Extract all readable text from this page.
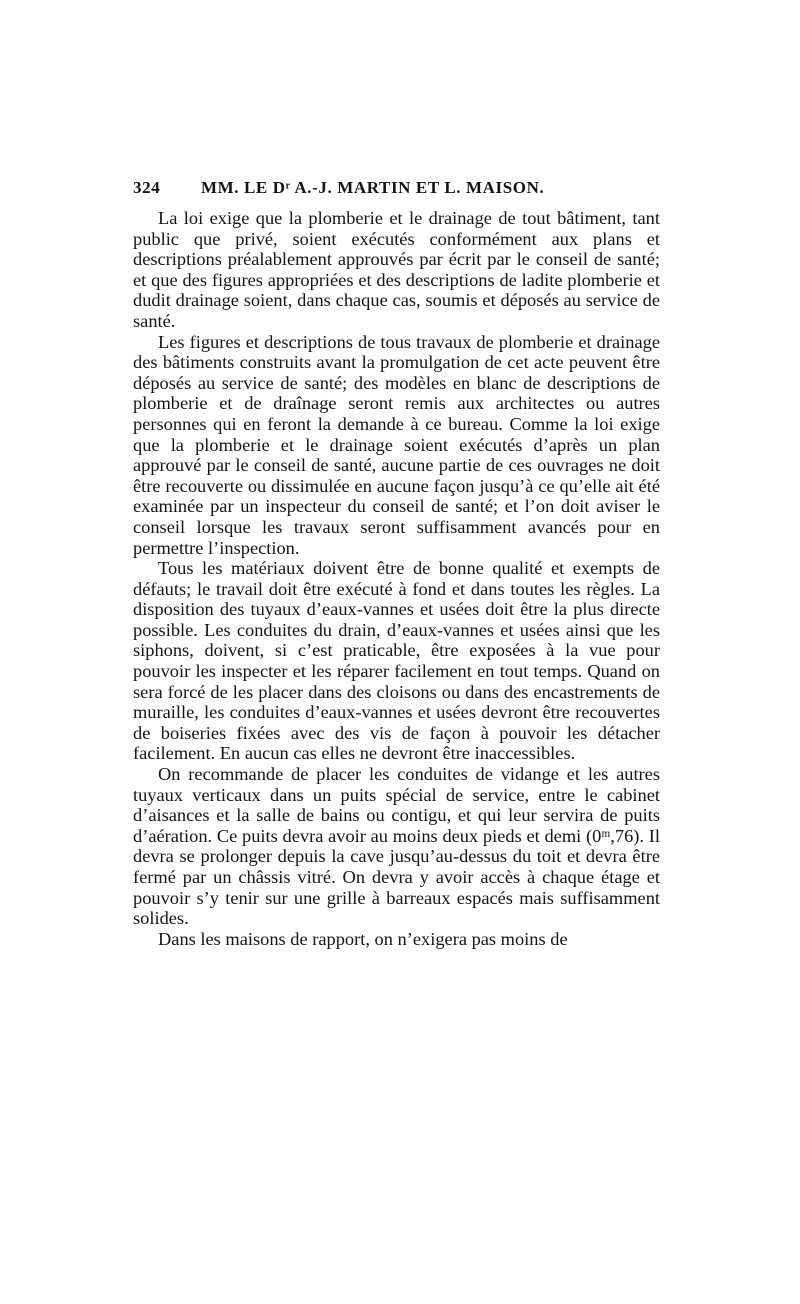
324 MM. LE Dʳ A.-J. MARTIN ET L. MAISON.

La loi exige que la plomberie et le drainage de tout bâtiment, tant public que privé, soient exécutés conformément aux plans et descriptions préalablement approuvés par écrit par le conseil de santé; et que des figures appropriées et des descriptions de ladite plomberie et dudit drainage soient, dans chaque cas, soumis et déposés au service de santé.

Les figures et descriptions de tous travaux de plomberie et drainage des bâtiments construits avant la promulgation de cet acte peuvent être déposés au service de santé; des modèles en blanc de descriptions de plomberie et de draînage seront remis aux architectes ou autres personnes qui en feront la demande à ce bureau. Comme la loi exige que la plomberie et le drainage soient exécutés d’après un plan approuvé par le conseil de santé, aucune partie de ces ouvrages ne doit être recouverte ou dissimulée en aucune façon jusqu’à ce qu’elle ait été examinée par un inspecteur du conseil de santé; et l’on doit aviser le conseil lorsque les travaux seront suffisamment avancés pour en permettre l’inspection.

Tous les matériaux doivent être de bonne qualité et exempts de défauts; le travail doit être exécuté à fond et dans toutes les règles. La disposition des tuyaux d’eaux-vannes et usées doit être la plus directe possible. Les conduites du drain, d’eaux-vannes et usées ainsi que les siphons, doivent, si c’est praticable, être exposées à la vue pour pouvoir les inspecter et les réparer facilement en tout temps. Quand on sera forcé de les placer dans des cloisons ou dans des encastrements de muraille, les conduites d’eaux-vannes et usées devront être recouvertes de boiseries fixées avec des vis de façon à pouvoir les détacher facilement. En aucun cas elles ne devront être inaccessibles.

On recommande de placer les conduites de vidange et les autres tuyaux verticaux dans un puits spécial de service, entre le cabinet d’aisances et la salle de bains ou contigu, et qui leur servira de puits d’aération. Ce puits devra avoir au moins deux pieds et demi (0ᵐ,76). Il devra se prolonger depuis la cave jusqu’au-dessus du toit et devra être fermé par un châssis vitré. On devra y avoir accès à chaque étage et pouvoir s’y tenir sur une grille à barreaux espacés mais suffisamment solides.

Dans les maisons de rapport, on n’exigera pas moins de
